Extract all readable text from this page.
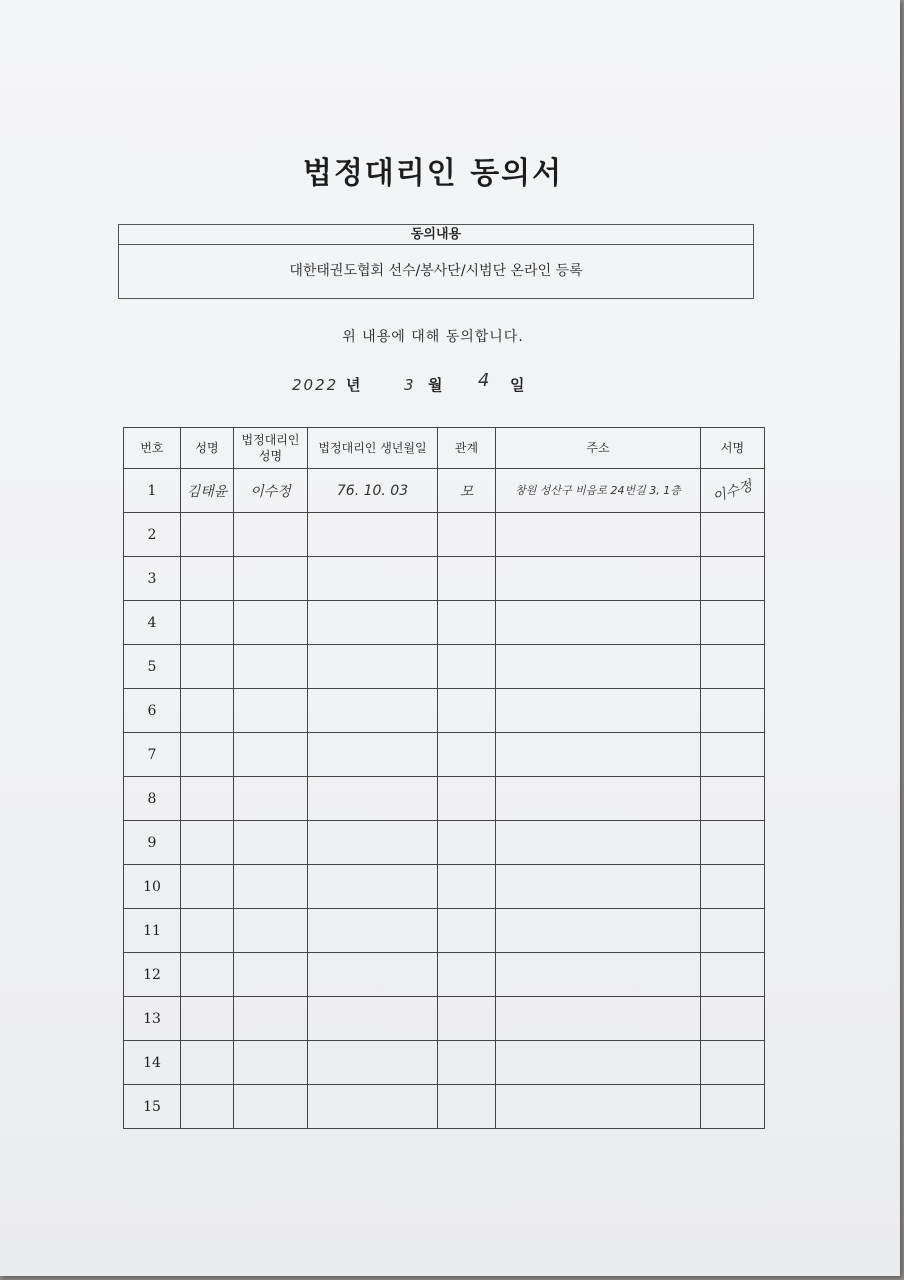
법정대리인 동의서
동의내용
대한태권도협회 선수/봉사단/시범단 온라인 등록
위 내용에 대해 동의합니다.
2022 년	3 월 4 일
번호	성명	법정대리인 성명	법정대리인 생년월일	관계	주소	서명
1	김태윤	이수정	76. 10. 03	모	창원 성산구 비음로 24번길 3, 1층	이수정
2						
3						
4						
5						
6						
7						
8						
9						
10						
11						
12						
13						
14						
15						
